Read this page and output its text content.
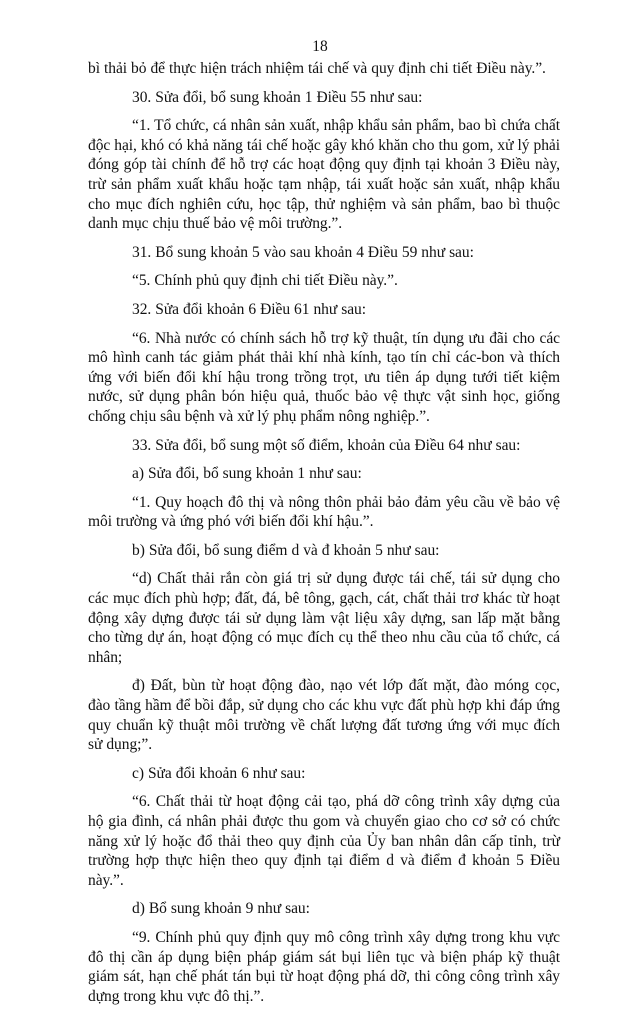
18

bì thải bỏ để thực hiện trách nhiệm tái chế và quy định chi tiết Điều này.”.

30. Sửa đổi, bổ sung khoản 1 Điều 55 như sau:

“1. Tổ chức, cá nhân sản xuất, nhập khẩu sản phẩm, bao bì chứa chất độc hại, khó có khả năng tái chế hoặc gây khó khăn cho thu gom, xử lý phải đóng góp tài chính để hỗ trợ các hoạt động quy định tại khoản 3 Điều này, trừ sản phẩm xuất khẩu hoặc tạm nhập, tái xuất hoặc sản xuất, nhập khẩu cho mục đích nghiên cứu, học tập, thử nghiệm và sản phẩm, bao bì thuộc danh mục chịu thuế bảo vệ môi trường.”.

31. Bổ sung khoản 5 vào sau khoản 4 Điều 59 như sau:

“5. Chính phủ quy định chi tiết Điều này.”.

32. Sửa đổi khoản 6 Điều 61 như sau:

“6. Nhà nước có chính sách hỗ trợ kỹ thuật, tín dụng ưu đãi cho các mô hình canh tác giảm phát thải khí nhà kính, tạo tín chỉ các-bon và thích ứng với biến đổi khí hậu trong trồng trọt, ưu tiên áp dụng tưới tiết kiệm nước, sử dụng phân bón hiệu quả, thuốc bảo vệ thực vật sinh học, giống chống chịu sâu bệnh và xử lý phụ phẩm nông nghiệp.”.

33. Sửa đổi, bổ sung một số điểm, khoản của Điều 64 như sau:

a) Sửa đổi, bổ sung khoản 1 như sau:

“1. Quy hoạch đô thị và nông thôn phải bảo đảm yêu cầu về bảo vệ môi trường và ứng phó với biến đổi khí hậu.”.

b) Sửa đổi, bổ sung điểm d và đ khoản 5 như sau:

“d) Chất thải rắn còn giá trị sử dụng được tái chế, tái sử dụng cho các mục đích phù hợp; đất, đá, bê tông, gạch, cát, chất thải trơ khác từ hoạt động xây dựng được tái sử dụng làm vật liệu xây dựng, san lấp mặt bằng cho từng dự án, hoạt động có mục đích cụ thể theo nhu cầu của tổ chức, cá nhân;

đ) Đất, bùn từ hoạt động đào, nạo vét lớp đất mặt, đào móng cọc, đào tầng hầm để bồi đắp, sử dụng cho các khu vực đất phù hợp khi đáp ứng quy chuẩn kỹ thuật môi trường về chất lượng đất tương ứng với mục đích sử dụng;”.

c) Sửa đổi khoản 6 như sau:

“6. Chất thải từ hoạt động cải tạo, phá dỡ công trình xây dựng của hộ gia đình, cá nhân phải được thu gom và chuyển giao cho cơ sở có chức năng xử lý hoặc đổ thải theo quy định của Ủy ban nhân dân cấp tỉnh, trừ trường hợp thực hiện theo quy định tại điểm d và điểm đ khoản 5 Điều này.”.

d) Bổ sung khoản 9 như sau:

“9. Chính phủ quy định quy mô công trình xây dựng trong khu vực đô thị cần áp dụng biện pháp giám sát bụi liên tục và biện pháp kỹ thuật giám sát, hạn chế phát tán bụi từ hoạt động phá dỡ, thi công công trình xây dựng trong khu vực đô thị.”.
